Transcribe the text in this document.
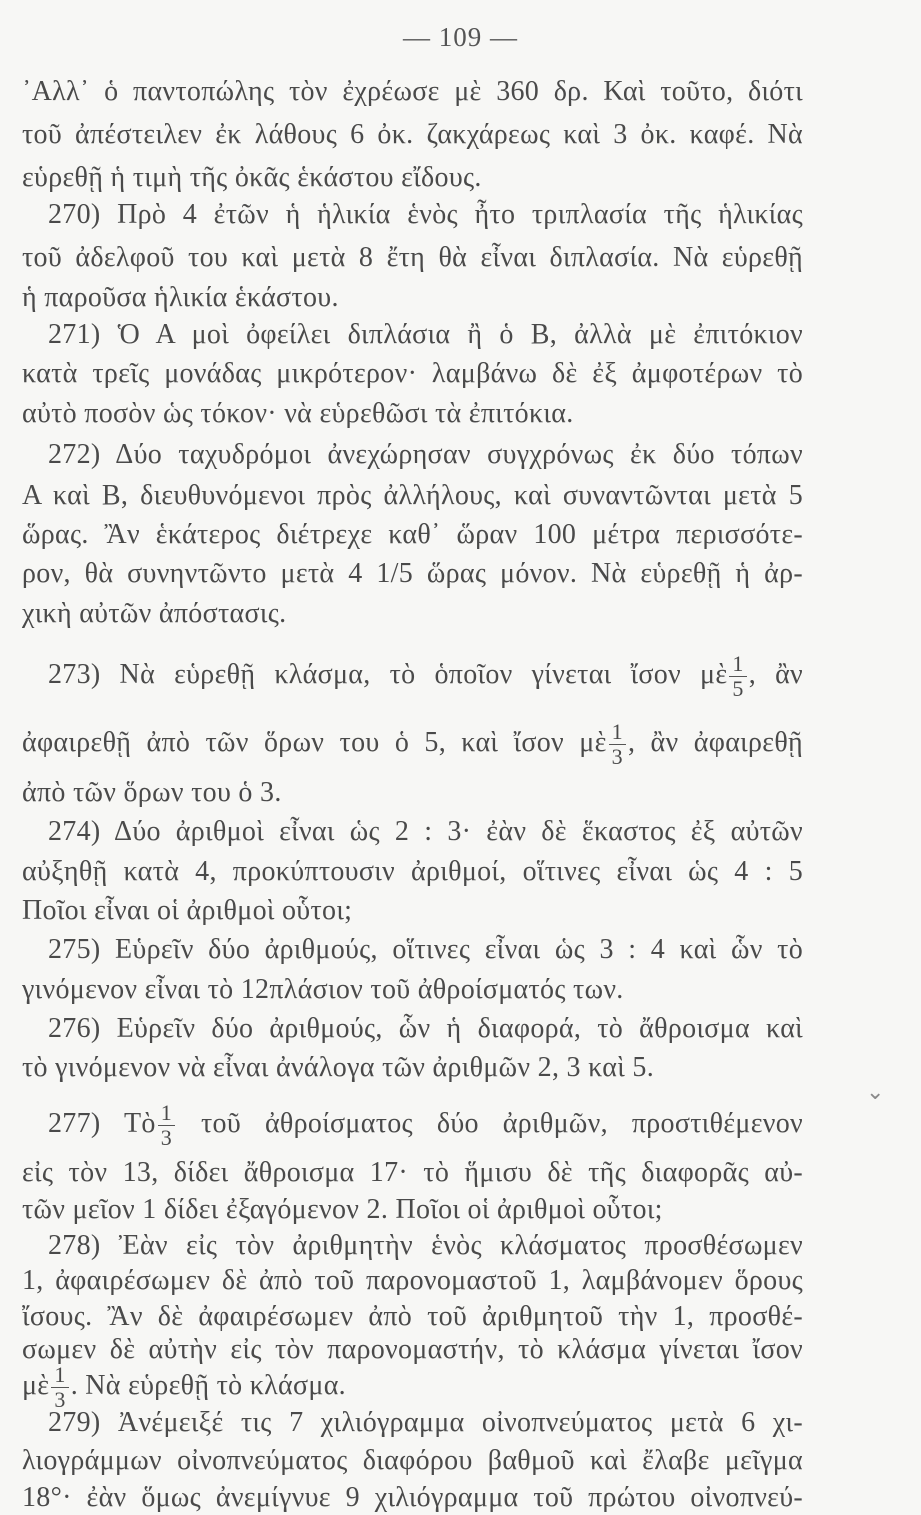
— 109 —
᾿Αλλ᾿ ὁ παντοπώλης τὸν ἐχρέωσε μὲ 360 δρ. Καὶ τοῦτο, διότι
τοῦ ἀπέστειλεν ἐκ λάθους 6 ὀκ. ζακχάρεως καὶ 3 ὀκ. καφέ. Νὰ
εὑρεθῇ ἡ τιμὴ τῆς ὀκᾶς ἑκάστου εἴδους.
270) Πρὸ 4 ἐτῶν ἡ ἡλικία ἑνὸς ἦτο τριπλασία τῆς ἡλικίας
τοῦ ἀδελφοῦ του καὶ μετὰ 8 ἔτη θὰ εἶναι διπλασία. Νὰ εὑρεθῇ
ἡ παροῦσα ἡλικία ἑκάστου.
271) Ὁ Α μοὶ ὀφείλει διπλάσια ἢ ὁ Β, ἀλλὰ μὲ ἐπιτόκιον
κατὰ τρεῖς μονάδας μικρότερον· λαμβάνω δὲ ἐξ ἀμφοτέρων τὸ
αὐτὸ ποσὸν ὡς τόκον· νὰ εὑρεθῶσι τὰ ἐπιτόκια.
272) Δύο ταχυδρόμοι ἀνεχώρησαν συγχρόνως ἐκ δύο τόπων
Α καὶ Β, διευθυνόμενοι πρὸς ἀλλήλους, καὶ συναντῶνται μετὰ 5
ὥρας. Ἂν ἑκάτερος διέτρεχε καθ᾿ ὥραν 100 μέτρα περισσότε-
ρον, θὰ συνηντῶντο μετὰ 4 1/5 ὥρας μόνον. Νὰ εὑρεθῇ ἡ ἀρ-
χικὴ αὐτῶν ἀπόστασις.
273) Νὰ εὑρεθῇ κλάσμα, τὸ ὁποῖον γίνεται ἴσον μὲ $\frac{1}{5}$ , ἂν
ἀφαιρεθῇ ἀπὸ τῶν ὅρων του ὁ 5, καὶ ἴσον μὲ $\frac{1}{3}$ , ἂν ἀφαιρεθῇ
ἀπὸ τῶν ὅρων του ὁ 3.
274) Δύο ἀριθμοὶ εἶναι ὡς 2 : 3· ἐὰν δὲ ἕκαστος ἐξ αὐτῶν
αὐξηθῇ κατὰ 4, προκύπτουσιν ἀριθμοί, οἵτινες εἶναι ὡς 4 : 5
Ποῖοι εἶναι οἱ ἀριθμοὶ οὗτοι;
275) Εὑρεῖν δύο ἀριθμούς, οἵτινες εἶναι ὡς 3 : 4 καὶ ὧν τὸ
γινόμενον εἶναι τὸ 12πλάσιον τοῦ ἀθροίσματός των.
276) Εὑρεῖν δύο ἀριθμούς, ὧν ἡ διαφορά, τὸ ἄθροισμα καὶ
τὸ γινόμενον νὰ εἶναι ἀνάλογα τῶν ἀριθμῶν 2, 3 καὶ 5.
277) Τὸ $\frac{1}{3}$ τοῦ ἀθροίσματος δύο ἀριθμῶν, προστιθέμενον
εἰς τὸν 13, δίδει ἄθροισμα 17· τὸ ἥμισυ δὲ τῆς διαφορᾶς αὐ-
τῶν μεῖον 1 δίδει ἐξαγόμενον 2. Ποῖοι οἱ ἀριθμοὶ οὗτοι;
278) Ἐὰν εἰς τὸν ἀριθμητὴν ἑνὸς κλάσματος προσθέσωμεν
1, ἀφαιρέσωμεν δὲ ἀπὸ τοῦ παρονομαστοῦ 1, λαμβάνομεν ὅρους
ἴσους. Ἂν δὲ ἀφαιρέσωμεν ἀπὸ τοῦ ἀριθμητοῦ τὴν 1, προσθέ-
σωμεν δὲ αὐτὴν εἰς τὸν παρονομαστήν, τὸ κλάσμα γίνεται ἴσον
μὲ $\frac{1}{3}$ . Νὰ εὑρεθῇ τὸ κλάσμα.
279) Ἀνέμειξέ τις 7 χιλιόγραμμα οἰνοπνεύματος μετὰ 6 χι-
λιογράμμων οἰνοπνεύματος διαφόρου βαθμοῦ καὶ ἔλαβε μεῖγμα
18°· ἐὰν ὅμως ἀνεμίγνυε 9 χιλιόγραμμα τοῦ πρώτου οἰνοπνεύ-
⌄
